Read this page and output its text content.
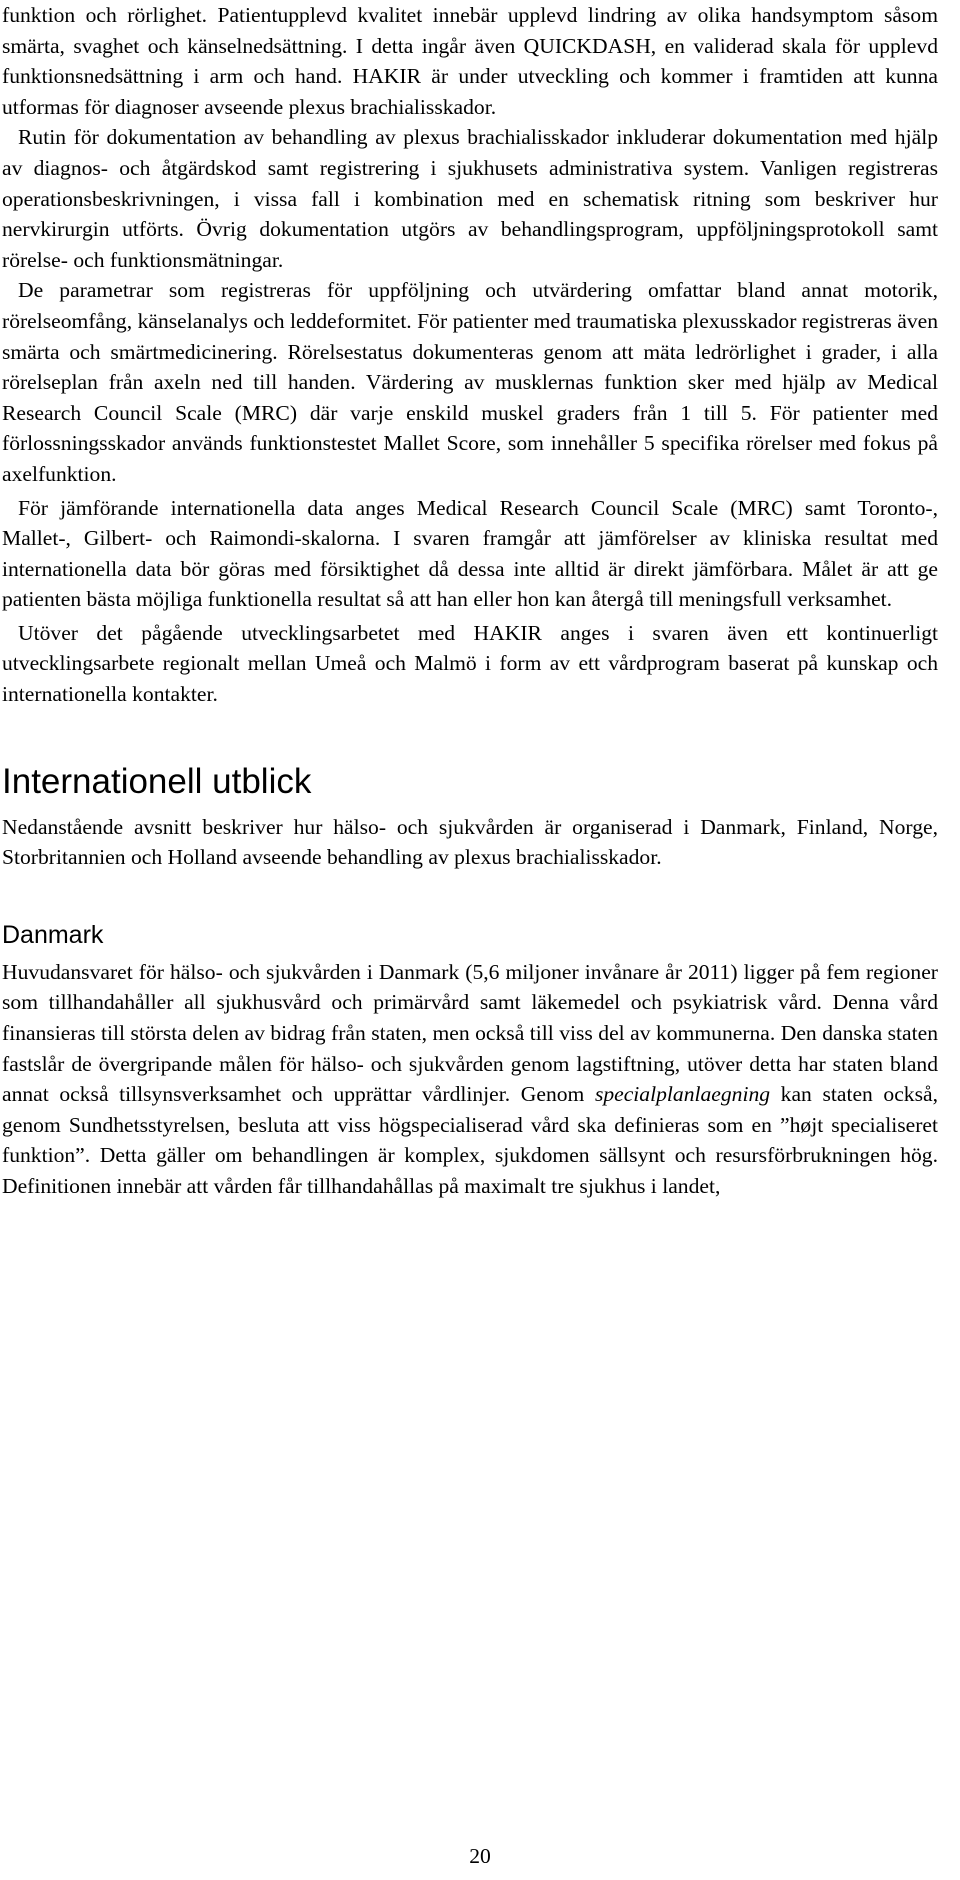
funktion och rörlighet. Patientupplevd kvalitet innebär upplevd lindring av olika handsymptom såsom smärta, svaghet och känselnedsättning. I detta ingår även QUICKDASH, en validerad skala för upplevd funktionsnedsättning i arm och hand. HAKIR är under utveckling och kommer i framtiden att kunna utformas för diagnoser avseende plexus brachialisskador.

Rutin för dokumentation av behandling av plexus brachialisskador inkluderar dokumentation med hjälp av diagnos- och åtgärdskod samt registrering i sjukhusets administrativa system. Vanligen registreras operationsbeskrivningen, i vissa fall i kombination med en schematisk ritning som beskriver hur nervkirurgin utförts. Övrig dokumentation utgörs av behandlingsprogram, uppföljningsprotokoll samt rörelse- och funktionsmätningar.

De parametrar som registreras för uppföljning och utvärdering omfattar bland annat motorik, rörelseomfång, känselanalys och leddeformitet. För patienter med traumatiska plexusskador registreras även smärta och smärtmedicinering. Rörelsestatus dokumenteras genom att mäta ledrörlighet i grader, i alla rörelseplan från axeln ned till handen. Värdering av musklernas funktion sker med hjälp av Medical Research Council Scale (MRC) där varje enskild muskel graders från 1 till 5. För patienter med förlossningsskador används funktionstestet Mallet Score, som innehåller 5 specifika rörelser med fokus på axelfunktion.

För jämförande internationella data anges Medical Research Council Scale (MRC) samt Toronto-, Mallet-, Gilbert- och Raimondi-skalorna. I svaren framgår att jämförelser av kliniska resultat med internationella data bör göras med försiktighet då dessa inte alltid är direkt jämförbara. Målet är att ge patienten bästa möjliga funktionella resultat så att han eller hon kan återgå till meningsfull verksamhet.

Utöver det pågående utvecklingsarbetet med HAKIR anges i svaren även ett kontinuerligt utvecklingsarbete regionalt mellan Umeå och Malmö i form av ett vårdprogram baserat på kunskap och internationella kontakter.

Internationell utblick

Nedanstående avsnitt beskriver hur hälso- och sjukvården är organiserad i Danmark, Finland, Norge, Storbritannien och Holland avseende behandling av plexus brachialisskador.

Danmark

Huvudansvaret för hälso- och sjukvården i Danmark (5,6 miljoner invånare år 2011) ligger på fem regioner som tillhandahåller all sjukhusvård och primärvård samt läkemedel och psykiatrisk vård. Denna vård finansieras till största delen av bidrag från staten, men också till viss del av kommunerna. Den danska staten fastslår de övergripande målen för hälso- och sjukvården genom lagstiftning, utöver detta har staten bland annat också tillsynsverksamhet och upprättar vårdlinjer. Genom specialplanlaegning kan staten också, genom Sundhetsstyrelsen, besluta att viss högspecialiserad vård ska definieras som en ”højt specialiseret funktion”. Detta gäller om behandlingen är komplex, sjukdomen sällsynt och resursförbrukningen hög. Definitionen innebär att vården får tillhandahållas på maximalt tre sjukhus i landet,

20
